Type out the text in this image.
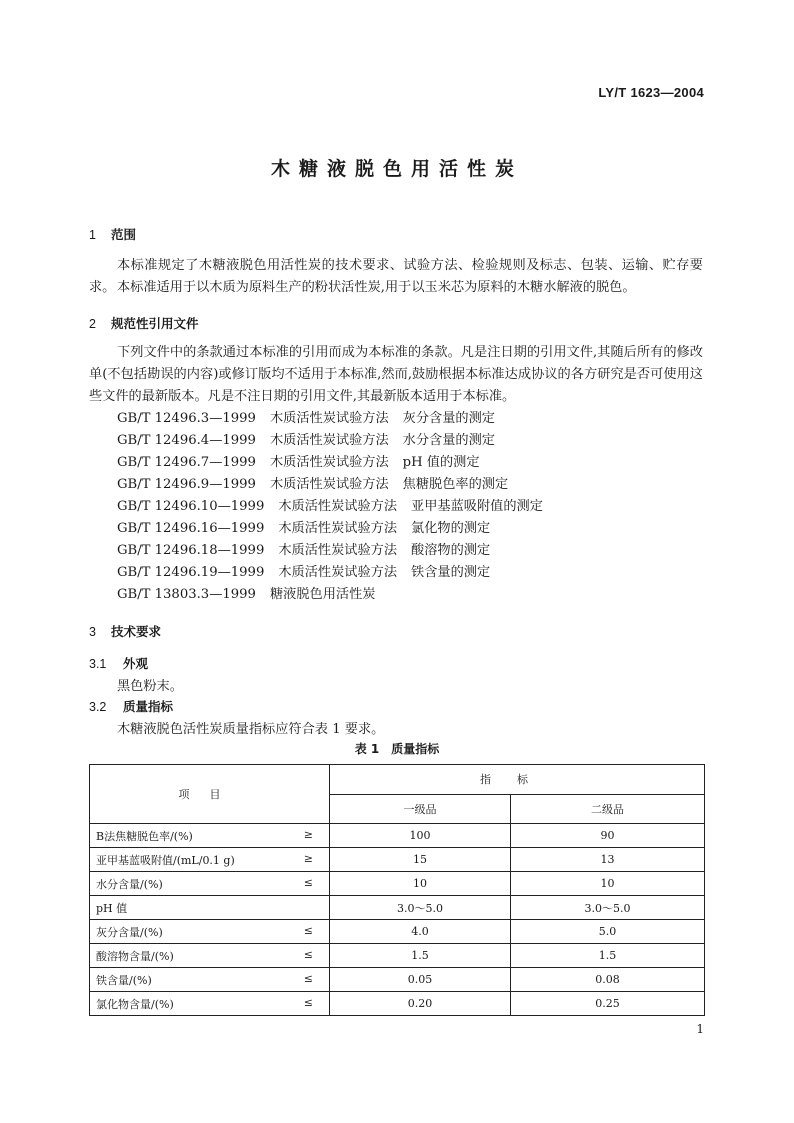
LY/T 1623—2004
木糖液脱色用活性炭
1 范围
本标准规定了木糖液脱色用活性炭的技术要求、试验方法、检验规则及标志、包装、运输、贮存要求。 本标准适用于以木质为原料生产的粉状活性炭,用于以玉米芯为原料的木糖水解液的脱色。
2 规范性引用文件
下列文件中的条款通过本标准的引用而成为本标准的条款。凡是注日期的引用文件,其随后所有的修改单(不包括勘误的内容)或修订版均不适用于本标准,然而,鼓励根据本标准达成协议的各方研究是否可使用这些文件的最新版本。凡是不注日期的引用文件,其最新版本适用于本标准。
GB/T 12496.3—1999 木质活性炭试验方法 灰分含量的测定
GB/T 12496.4—1999 木质活性炭试验方法 水分含量的测定
GB/T 12496.7—1999 木质活性炭试验方法 pH 值的测定
GB/T 12496.9—1999 木质活性炭试验方法 焦糖脱色率的测定
GB/T 12496.10—1999 木质活性炭试验方法 亚甲基蓝吸附值的测定
GB/T 12496.16—1999 木质活性炭试验方法 氯化物的测定
GB/T 12496.18—1999 木质活性炭试验方法 酸溶物的测定
GB/T 12496.19—1999 木质活性炭试验方法 铁含量的测定
GB/T 13803.3—1999 糖液脱色用活性炭
3 技术要求
3.1 外观
黑色粉末。
3.2 质量指标
木糖液脱色活性炭质量指标应符合表 1 要求。
表 1 质量指标
项目	指标	
	一级品	二级品
B法焦糖脱色率/(%) ≥	100	90
亚甲基蓝吸附值/(mL/0.1 g) ≥	15	13
水分含量/(%) ≤	10	10
pH 值	3.0～5.0	3.0～5.0
灰分含量/(%) ≤	4.0	5.0
酸溶物含量/(%) ≤	1.5	1.5
铁含量/(%) ≤	0.05	0.08
氯化物含量/(%) ≤	0.20	0.25
1
